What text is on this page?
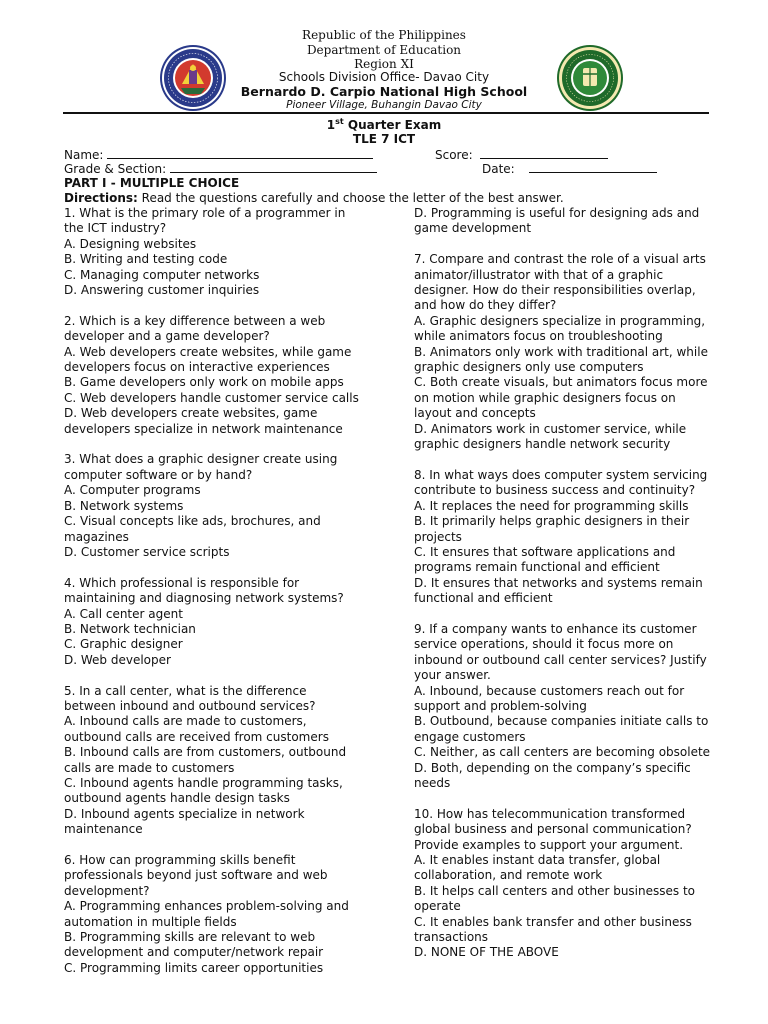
Republic of the Philippines
Department of Education
Region XI
Schools Division Office- Davao City
Bernardo D. Carpio National High School
Pioneer Village, Buhangin Davao City
1st Quarter Exam
TLE 7 ICT
Name:	Score:
Grade & Section:	Date:
PART I - MULTIPLE CHOICE
Directions: Read the questions carefully and choose the letter of the best answer.
1. What is the primary role of a programmer in
the ICT industry?
A. Designing websites
B. Writing and testing code
C. Managing computer networks
D. Answering customer inquiries
2. Which is a key difference between a web
developer and a game developer?
A. Web developers create websites, while game
developers focus on interactive experiences
B. Game developers only work on mobile apps
C. Web developers handle customer service calls
D. Web developers create websites, game
developers specialize in network maintenance
3. What does a graphic designer create using
computer software or by hand?
A. Computer programs
B. Network systems
C. Visual concepts like ads, brochures, and
magazines
D. Customer service scripts
4. Which professional is responsible for
maintaining and diagnosing network systems?
A. Call center agent
B. Network technician
C. Graphic designer
D. Web developer
5. In a call center, what is the difference
between inbound and outbound services?
A. Inbound calls are made to customers,
outbound calls are received from customers
B. Inbound calls are from customers, outbound
calls are made to customers
C. Inbound agents handle programming tasks,
outbound agents handle design tasks
D. Inbound agents specialize in network
maintenance
6. How can programming skills benefit
professionals beyond just software and web
development?
A. Programming enhances problem-solving and
automation in multiple fields
B. Programming skills are relevant to web
development and computer/network repair
C. Programming limits career opportunities
D. Programming is useful for designing ads and
game development
7. Compare and contrast the role of a visual arts
animator/illustrator with that of a graphic
designer. How do their responsibilities overlap,
and how do they differ?
A. Graphic designers specialize in programming,
while animators focus on troubleshooting
B. Animators only work with traditional art, while
graphic designers only use computers
C. Both create visuals, but animators focus more
on motion while graphic designers focus on
layout and concepts
D. Animators work in customer service, while
graphic designers handle network security
8. In what ways does computer system servicing
contribute to business success and continuity?
A. It replaces the need for programming skills
B. It primarily helps graphic designers in their
projects
C. It ensures that software applications and
programs remain functional and efficient
D. It ensures that networks and systems remain
functional and efficient
9. If a company wants to enhance its customer
service operations, should it focus more on
inbound or outbound call center services? Justify
your answer.
A. Inbound, because customers reach out for
support and problem-solving
B. Outbound, because companies initiate calls to
engage customers
C. Neither, as call centers are becoming obsolete
D. Both, depending on the company’s specific
needs
10. How has telecommunication transformed
global business and personal communication?
Provide examples to support your argument.
A. It enables instant data transfer, global
collaboration, and remote work
B. It helps call centers and other businesses to
operate
C. It enables bank transfer and other business
transactions
D. NONE OF THE ABOVE
